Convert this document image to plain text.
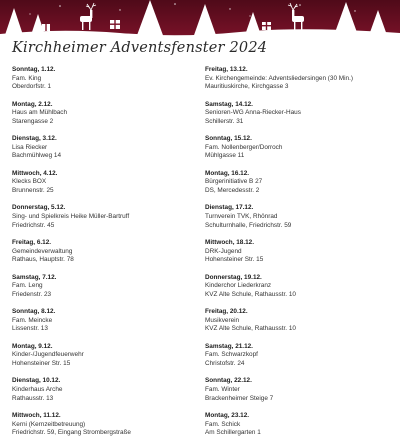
Kirchheimer Adventsfenster 2024
Sonntag, 1.12.
Fam. King
Oberdorfstr. 1
Montag, 2.12.
Haus am Mühlbach
Starengasse 2
Dienstag, 3.12.
Lisa Riecker
Bachmühlweg 14
Mittwoch, 4.12.
Klecks BOX
Brunnenstr. 25
Donnerstag, 5.12.
Sing- und Spielkreis Heike Müller-Bartruff
Friedrichstr. 45
Freitag, 6.12.
Gemeindeverwaltung
Rathaus, Hauptstr. 78
Samstag, 7.12.
Fam. Leng
Friedenstr. 23
Sonntag, 8.12.
Fam. Meincke
Lissenstr. 13
Montag, 9.12.
Kinder-/Jugendfeuerwehr
Hohensteiner Str. 15
Dienstag, 10.12.
Kinderhaus Arche
Rathausstr. 13
Mittwoch, 11.12.
Kerni (Kernzeitbetreuung)
Friedrichstr. 59, Eingang Strombergstraße
Freitag, 13.12.
Ev. Kirchengemeinde: Adventsliedersingen (30 Min.)
Mauritiuskirche, Kirchgasse 3
Samstag, 14.12.
Senioren-WG Anna-Riecker-Haus
Schillerstr. 31
Sonntag, 15.12.
Fam. Nollenberger/Dorroch
Mühlgasse 11
Montag, 16.12.
Bürgerinitiative B 27
DS, Mercedesstr. 2
Dienstag, 17.12.
Turnverein TVK, Rhönrad
Schulturnhalle, Friedrichstr. 59
Mittwoch, 18.12.
DRK-Jugend
Hohensteiner Str. 15
Donnerstag, 19.12.
Kinderchor Liederkranz
KVZ Alte Schule, Rathausstr. 10
Freitag, 20.12.
Musikverein
KVZ Alte Schule, Rathausstr. 10
Samstag, 21.12.
Fam. Schwarzkopf
Christofstr. 24
Sonntag, 22.12.
Fam. Winter
Brackenheimer Steige 7
Montag, 23.12.
Fam. Schick
Am Schillergarten 1
